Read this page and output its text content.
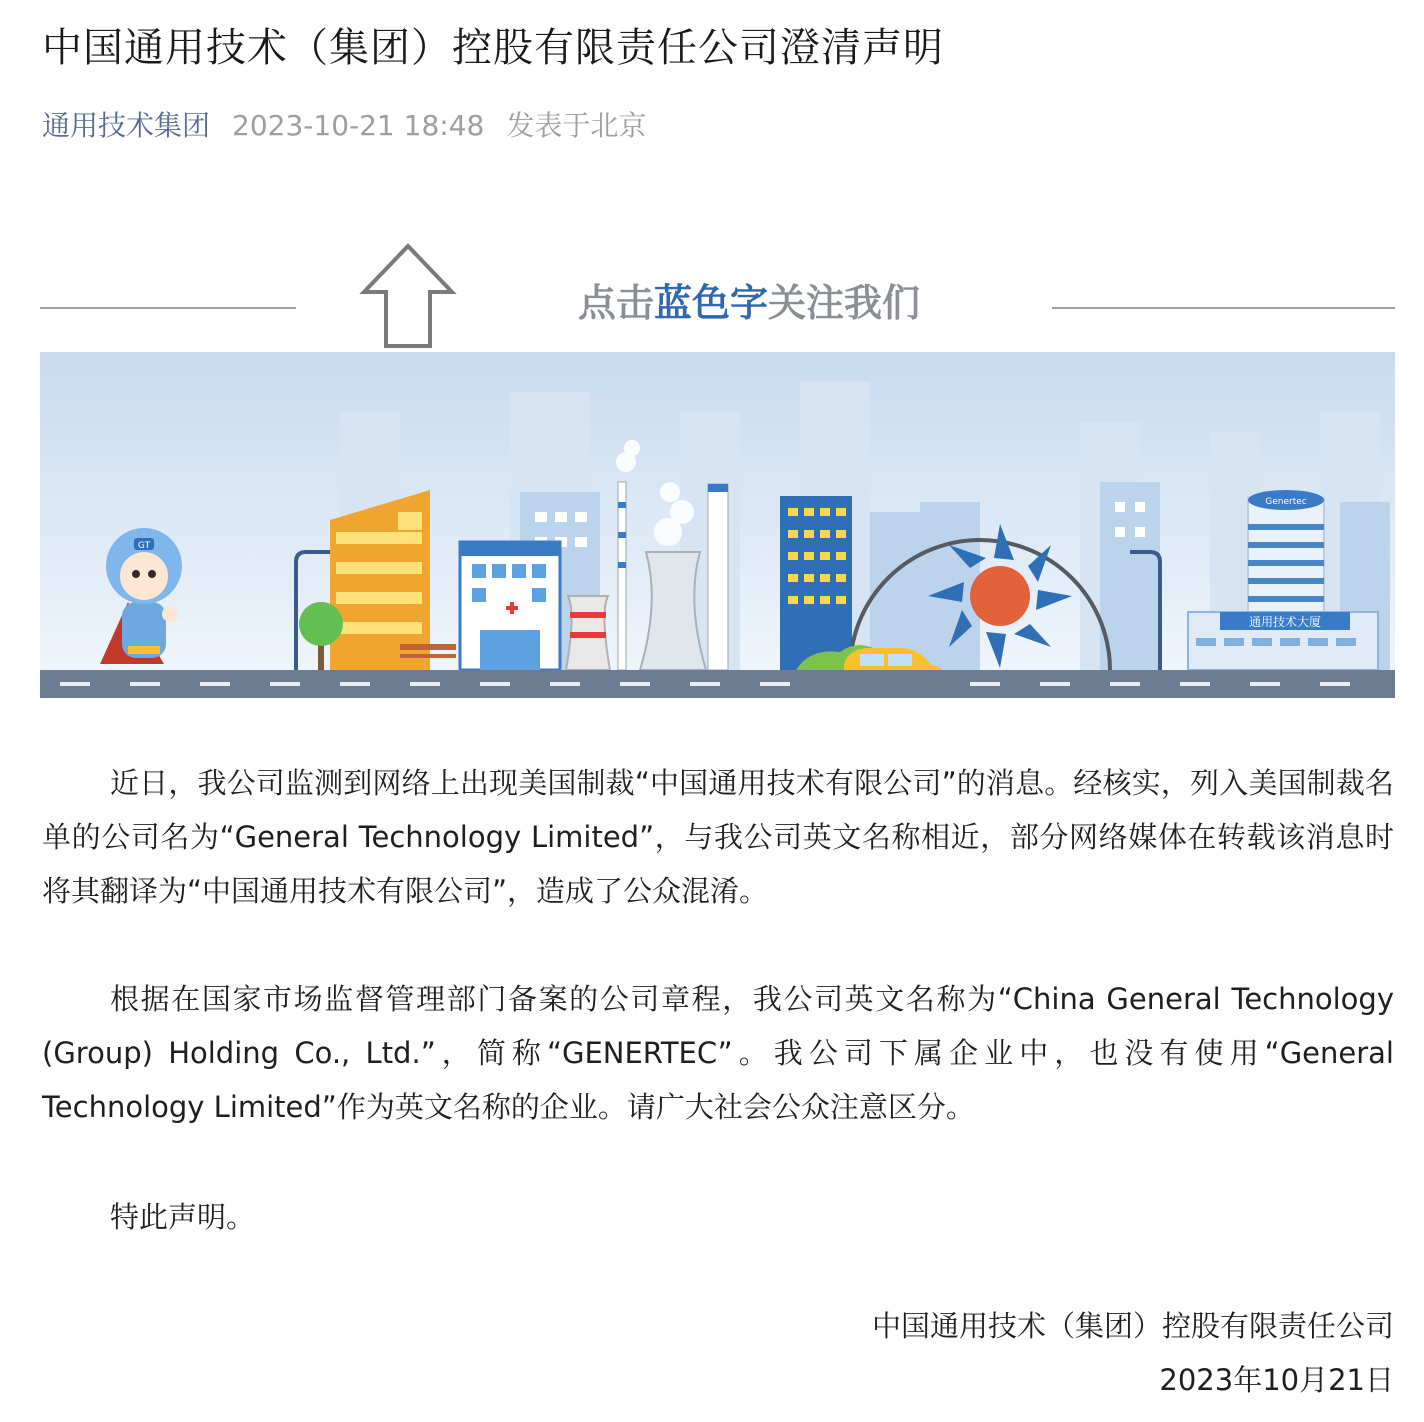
中国通用技术（集团）控股有限责任公司澄清声明
通用技术集团 2023-10-21 18:48 发表于北京
点击蓝色字关注我们
Genertec
通用技术大厦
GT

近日，我公司监测到网络上出现美国制裁“中国通用技术有限公司”的消息。经核实，列入美国制裁名单的公司名为“General Technology Limited”，与我公司英文名称相近，部分网络媒体在转载该消息时将其翻译为“中国通用技术有限公司”，造成了公众混淆。

根据在国家市场监督管理部门备案的公司章程，我公司英文名称为“China General Technology (Group) Holding Co., Ltd.”，简称“GENERTEC”。我公司下属企业中，也没有使用“General Technology Limited”作为英文名称的企业。请广大社会公众注意区分。

特此声明。

中国通用技术（集团）控股有限责任公司
2023年10月21日
